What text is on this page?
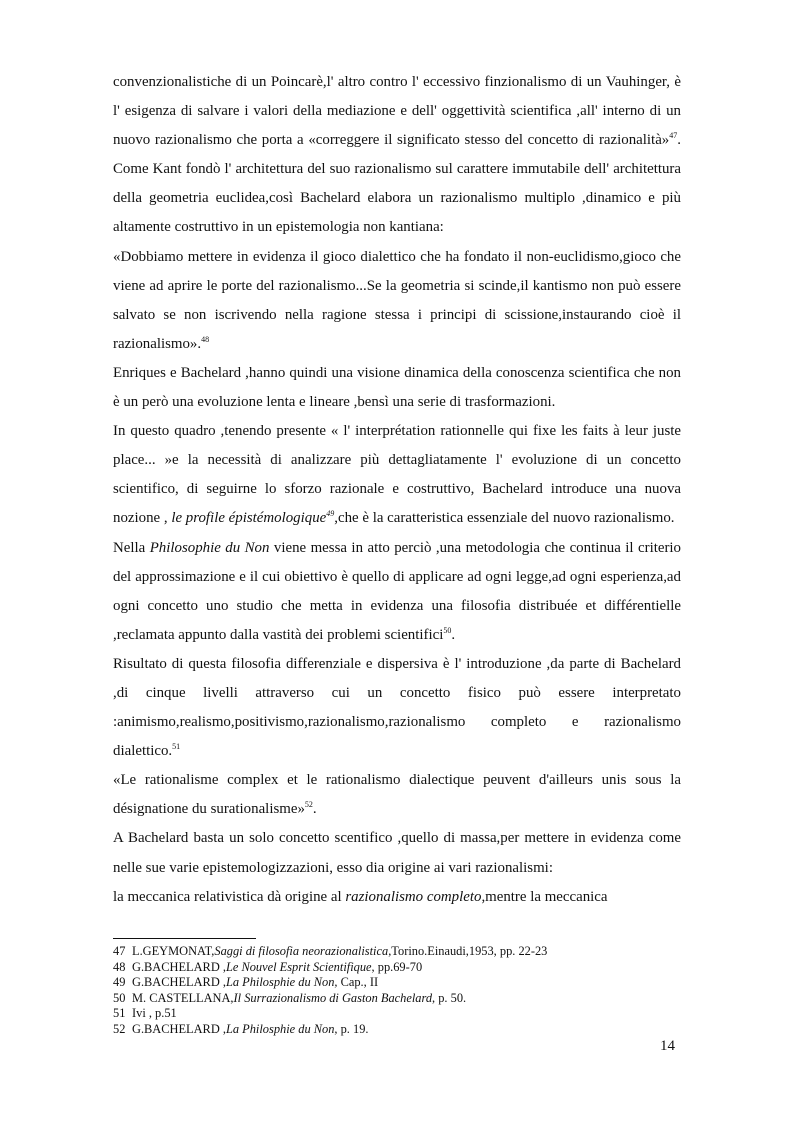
convenzionalistiche di un Poincarè,l' altro contro l' eccessivo finzionalismo di un Vauhinger, è l' esigenza di salvare i valori della mediazione e dell' oggettività scientifica ,all' interno di un nuovo razionalismo che porta a «correggere il significato stesso del concetto di razionalità»$^{47}$. Come Kant fondò l' architettura del suo razionalismo sul carattere immutabile dell' architettura della geometria euclidea,così Bachelard elabora un razionalismo multiplo ,dinamico e più altamente costruttivo in un epistemologia non kantiana:

«Dobbiamo mettere in evidenza il gioco dialettico che ha fondato il non-euclidismo,gioco che viene ad aprire le porte del razionalismo...Se la geometria si scinde,il kantismo non può essere salvato se non iscrivendo nella ragione stessa i principi di scissione,instaurando cioè il razionalismo».$^{48}$

Enriques e Bachelard ,hanno quindi una visione dinamica della conoscenza scientifica che non è un però una evoluzione lenta e lineare ,bensì una serie di trasformazioni.

In questo quadro ,tenendo presente « l' interprétation rationnelle qui fixe les faits à leur juste place... »e la necessità di analizzare più dettagliatamente l' evoluzione di un concetto scientifico, di seguirne lo sforzo razionale e costruttivo, Bachelard introduce una nuova nozione , le profile épistémologique$^{49}$,che è la caratteristica essenziale del nuovo razionalismo.

Nella Philosophie du Non viene messa in atto perciò ,una metodologia che continua il criterio del approssimazione e il cui obiettivo è quello di applicare ad ogni legge,ad ogni esperienza,ad ogni concetto uno studio che metta in evidenza una filosofia distribuée et différentielle ,reclamata appunto dalla vastità dei problemi scientifici$^{50}$.

Risultato di questa filosofia differenziale e dispersiva è l' introduzione ,da parte di Bachelard ,di cinque livelli attraverso cui un concetto fisico può essere interpretato :animismo,realismo,positivismo,razionalismo,razionalismo completo e razionalismo dialettico.$^{51}$

«Le rationalisme complex et le rationalismo dialectique peuvent d'ailleurs unis sous la désignatione du surationalisme»$^{52}$.

A Bachelard basta un solo concetto scentifico ,quello di massa,per mettere in evidenza come nelle sue varie epistemologizzazioni, esso dia origine ai vari razionalismi:

la meccanica relativistica dà origine al razionalismo completo,mentre la meccanica

47 L.GEYMONAT,Saggi di filosofia neorazionalistica,Torino.Einaudi,1953, pp. 22-23
48 G.BACHELARD ,Le Nouvel Esprit Scientifique, pp.69-70
49 G.BACHELARD ,La Philosphie du Non, Cap., II
50 M. CASTELLANA,Il Surrazionalismo di Gaston Bachelard, p. 50.
51 Ivi , p.51
52 G.BACHELARD ,La Philosphie du Non, p. 19.
14
